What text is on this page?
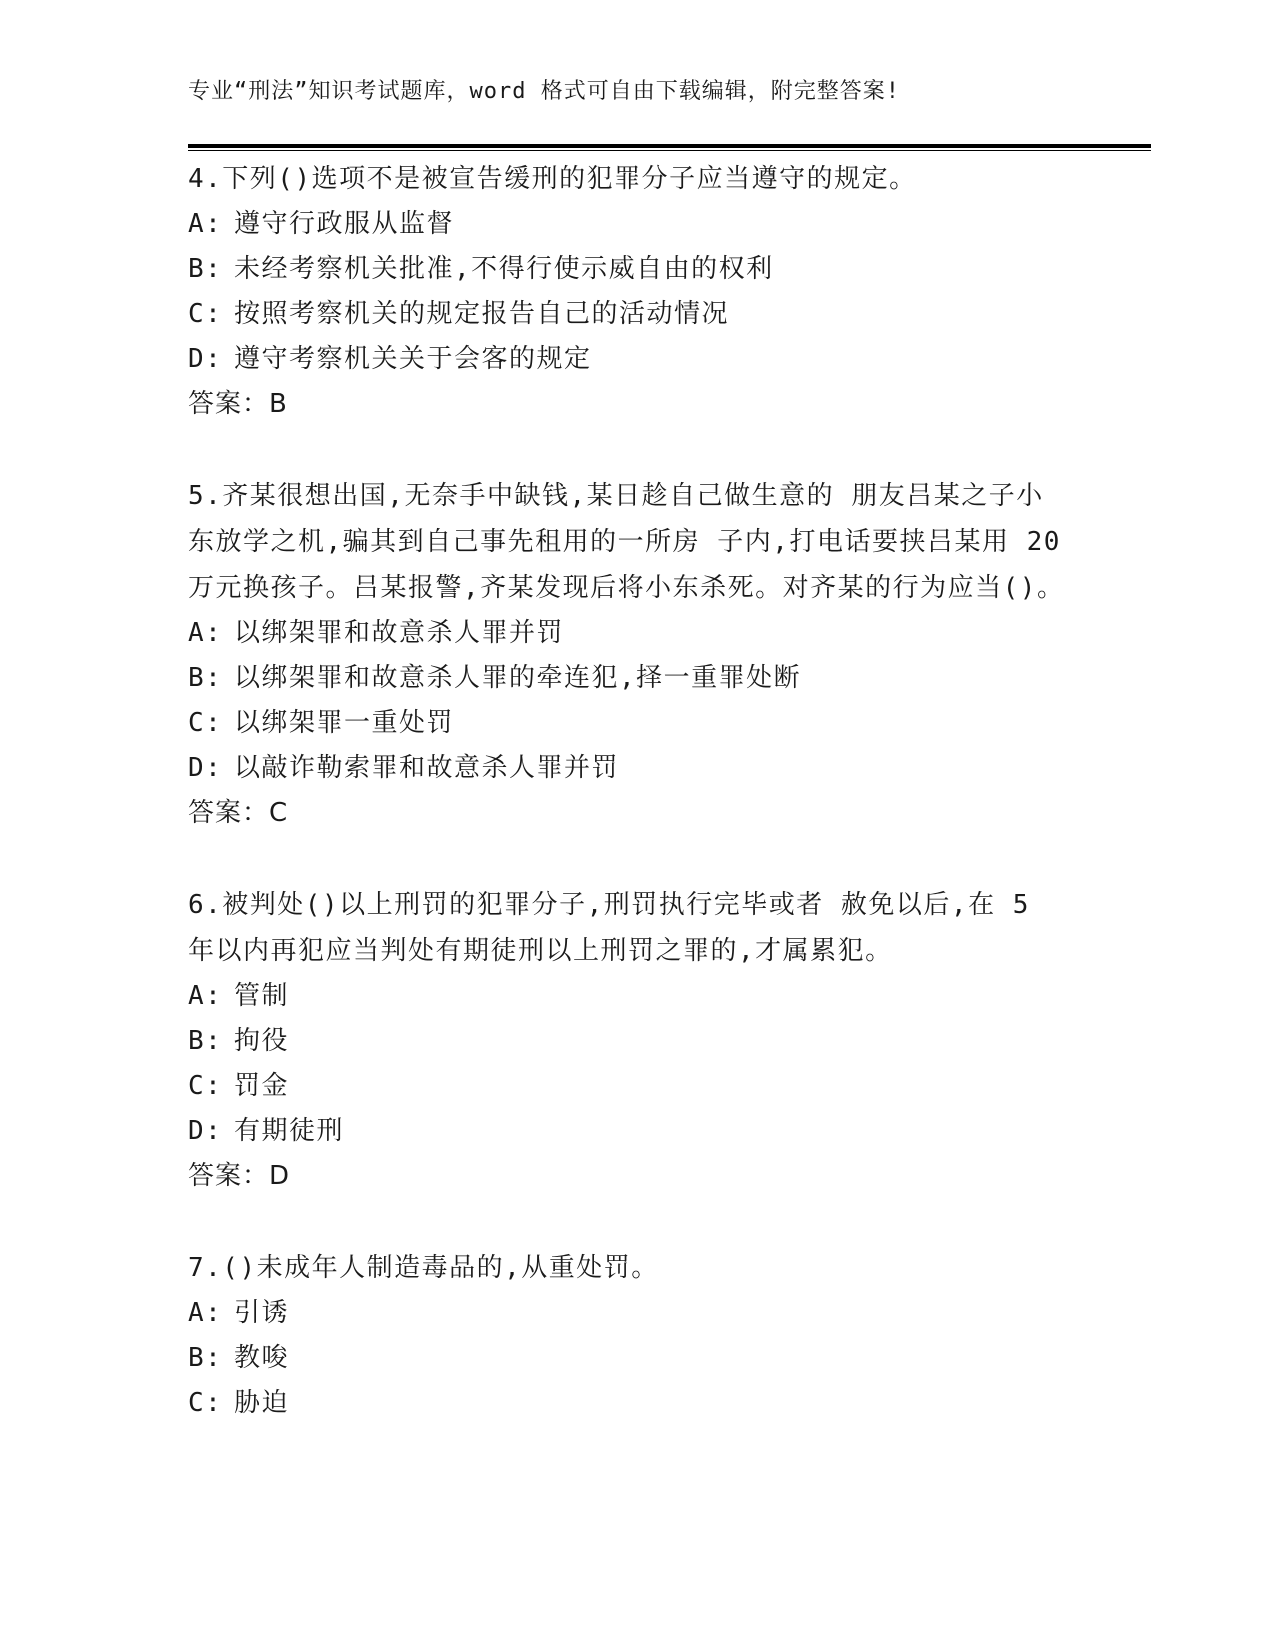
专业“刑法”知识考试题库，word 格式可自由下载编辑，附完整答案!
4.下列()选项不是被宣告缓刑的犯罪分子应当遵守的规定。
A: 遵守行政服从监督
B: 未经考察机关批准,不得行使示威自由的权利
C: 按照考察机关的规定报告自己的活动情况
D: 遵守考察机关关于会客的规定
答案：B
5.齐某很想出国,无奈手中缺钱,某日趁自己做生意的 朋友吕某之子小东放学之机,骗其到自己事先租用的一所房 子内,打电话要挟吕某用 20 万元换孩子。吕某报警,齐某发现后将小东杀死。对齐某的行为应当()。
A: 以绑架罪和故意杀人罪并罚
B: 以绑架罪和故意杀人罪的牵连犯,择一重罪处断
C: 以绑架罪一重处罚
D: 以敲诈勒索罪和故意杀人罪并罚
答案：C
6.被判处()以上刑罚的犯罪分子,刑罚执行完毕或者 赦免以后,在 5 年以内再犯应当判处有期徒刑以上刑罚之罪的,才属累犯。
A: 管制
B: 拘役
C: 罚金
D: 有期徒刑
答案：D
7.()未成年人制造毒品的,从重处罚。
A: 引诱
B: 教唆
C: 胁迫
